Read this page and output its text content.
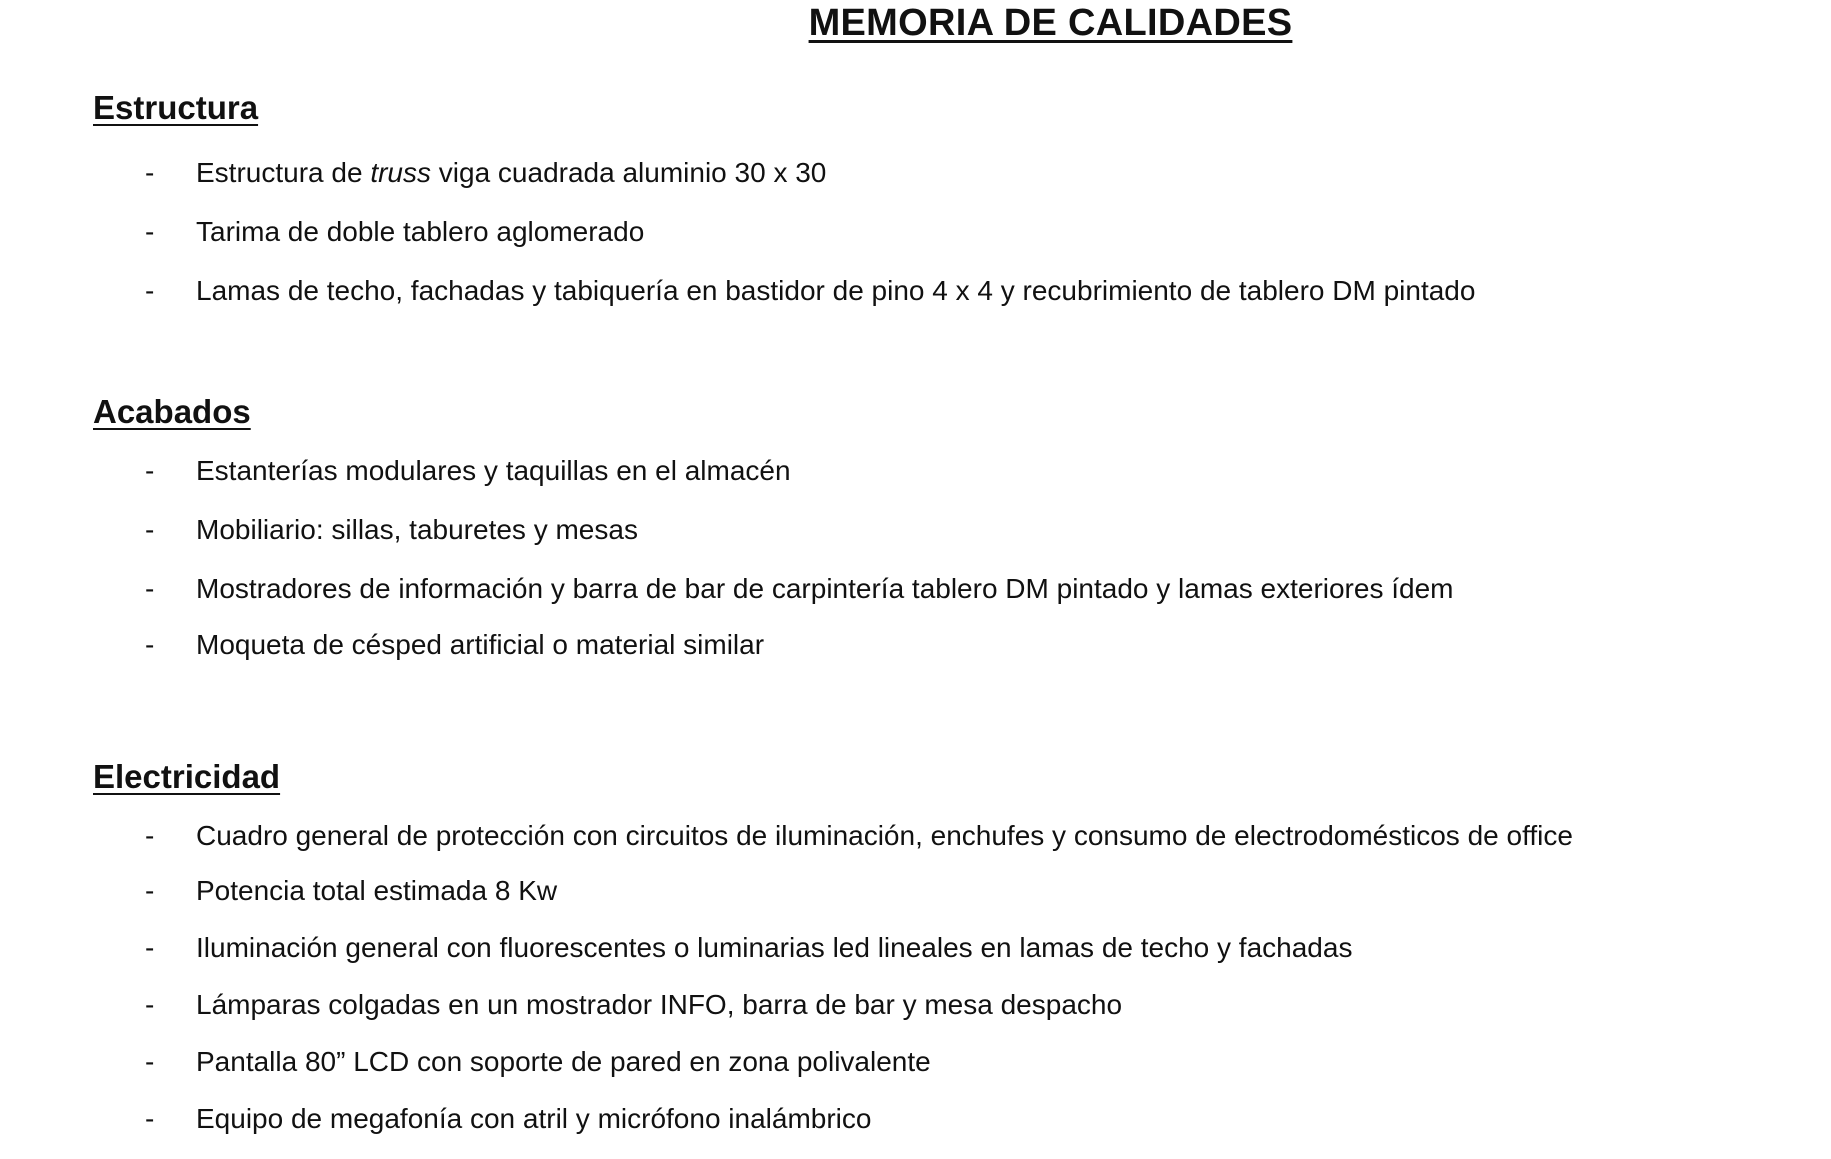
MEMORIA DE CALIDADES
Estructura
- Estructura de truss viga cuadrada aluminio 30 x 30
- Tarima de doble tablero aglomerado
- Lamas de techo, fachadas y tabiquería en bastidor de pino 4 x 4 y recubrimiento de tablero DM pintado
Acabados
- Estanterías modulares y taquillas en el almacén
- Mobiliario: sillas, taburetes y mesas
- Mostradores de información y barra de bar de carpintería tablero DM pintado y lamas exteriores ídem
- Moqueta de césped artificial o material similar
Electricidad
- Cuadro general de protección con circuitos de iluminación, enchufes y consumo de electrodomésticos de office
- Potencia total estimada 8 Kw
- Iluminación general con fluorescentes o luminarias led lineales en lamas de techo y fachadas
- Lámparas colgadas en un mostrador INFO, barra de bar y mesa despacho
- Pantalla 80” LCD con soporte de pared en zona polivalente
- Equipo de megafonía con atril y micrófono inalámbrico
